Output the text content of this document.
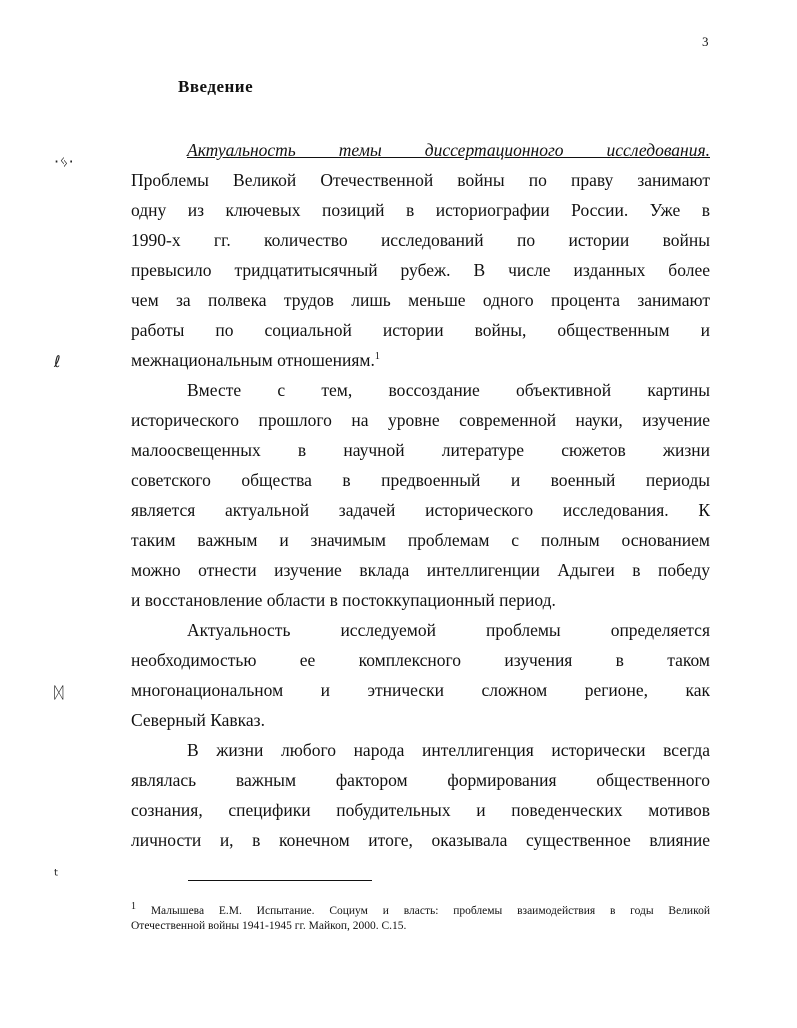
3
Введение
Актуальность темы диссертационного исследования.
Проблемы Великой Отечественной войны по праву занимают
одну из ключевых позиций в историографии России. Уже в
1990-х гг. количество исследований по истории войны
превысило тридцатитысячный рубеж. В числе изданных более
чем за полвека трудов лишь меньше одного процента занимают
работы по социальной истории войны, общественным и
межнациональным отношениям.$^1$
Вместе с тем, воссоздание объективной картины
исторического прошлого на уровне современной науки, изучение
малоосвещенных в научной литературе сюжетов жизни
советского общества в предвоенный и военный периоды
является актуальной задачей исторического исследования. К
таким важным и значимым проблемам с полным основанием
можно отнести изучение вклада интеллигенции Адыгеи в победу
и восстановление области в постоккупационный период.
Актуальность исследуемой проблемы определяется
необходимостью ее комплексного изучения в таком
многонациональном и этнически сложном регионе, как
Северный Кавказ.
В жизни любого народа интеллигенция исторически всегда
являлась важным фактором формирования общественного
сознания, специфики побудительных и поведенческих мотивов
личности и, в конечном итоге, оказывала существенное влияние
$^1$ Малышева Е.М. Испытание. Социум и власть: проблемы взаимодействия в годы Великой
Отечественной войны 1941-1945 гг. Майкоп, 2000. С.15.
·ᛃ·
ℓ
ᛞ
ᵗ
